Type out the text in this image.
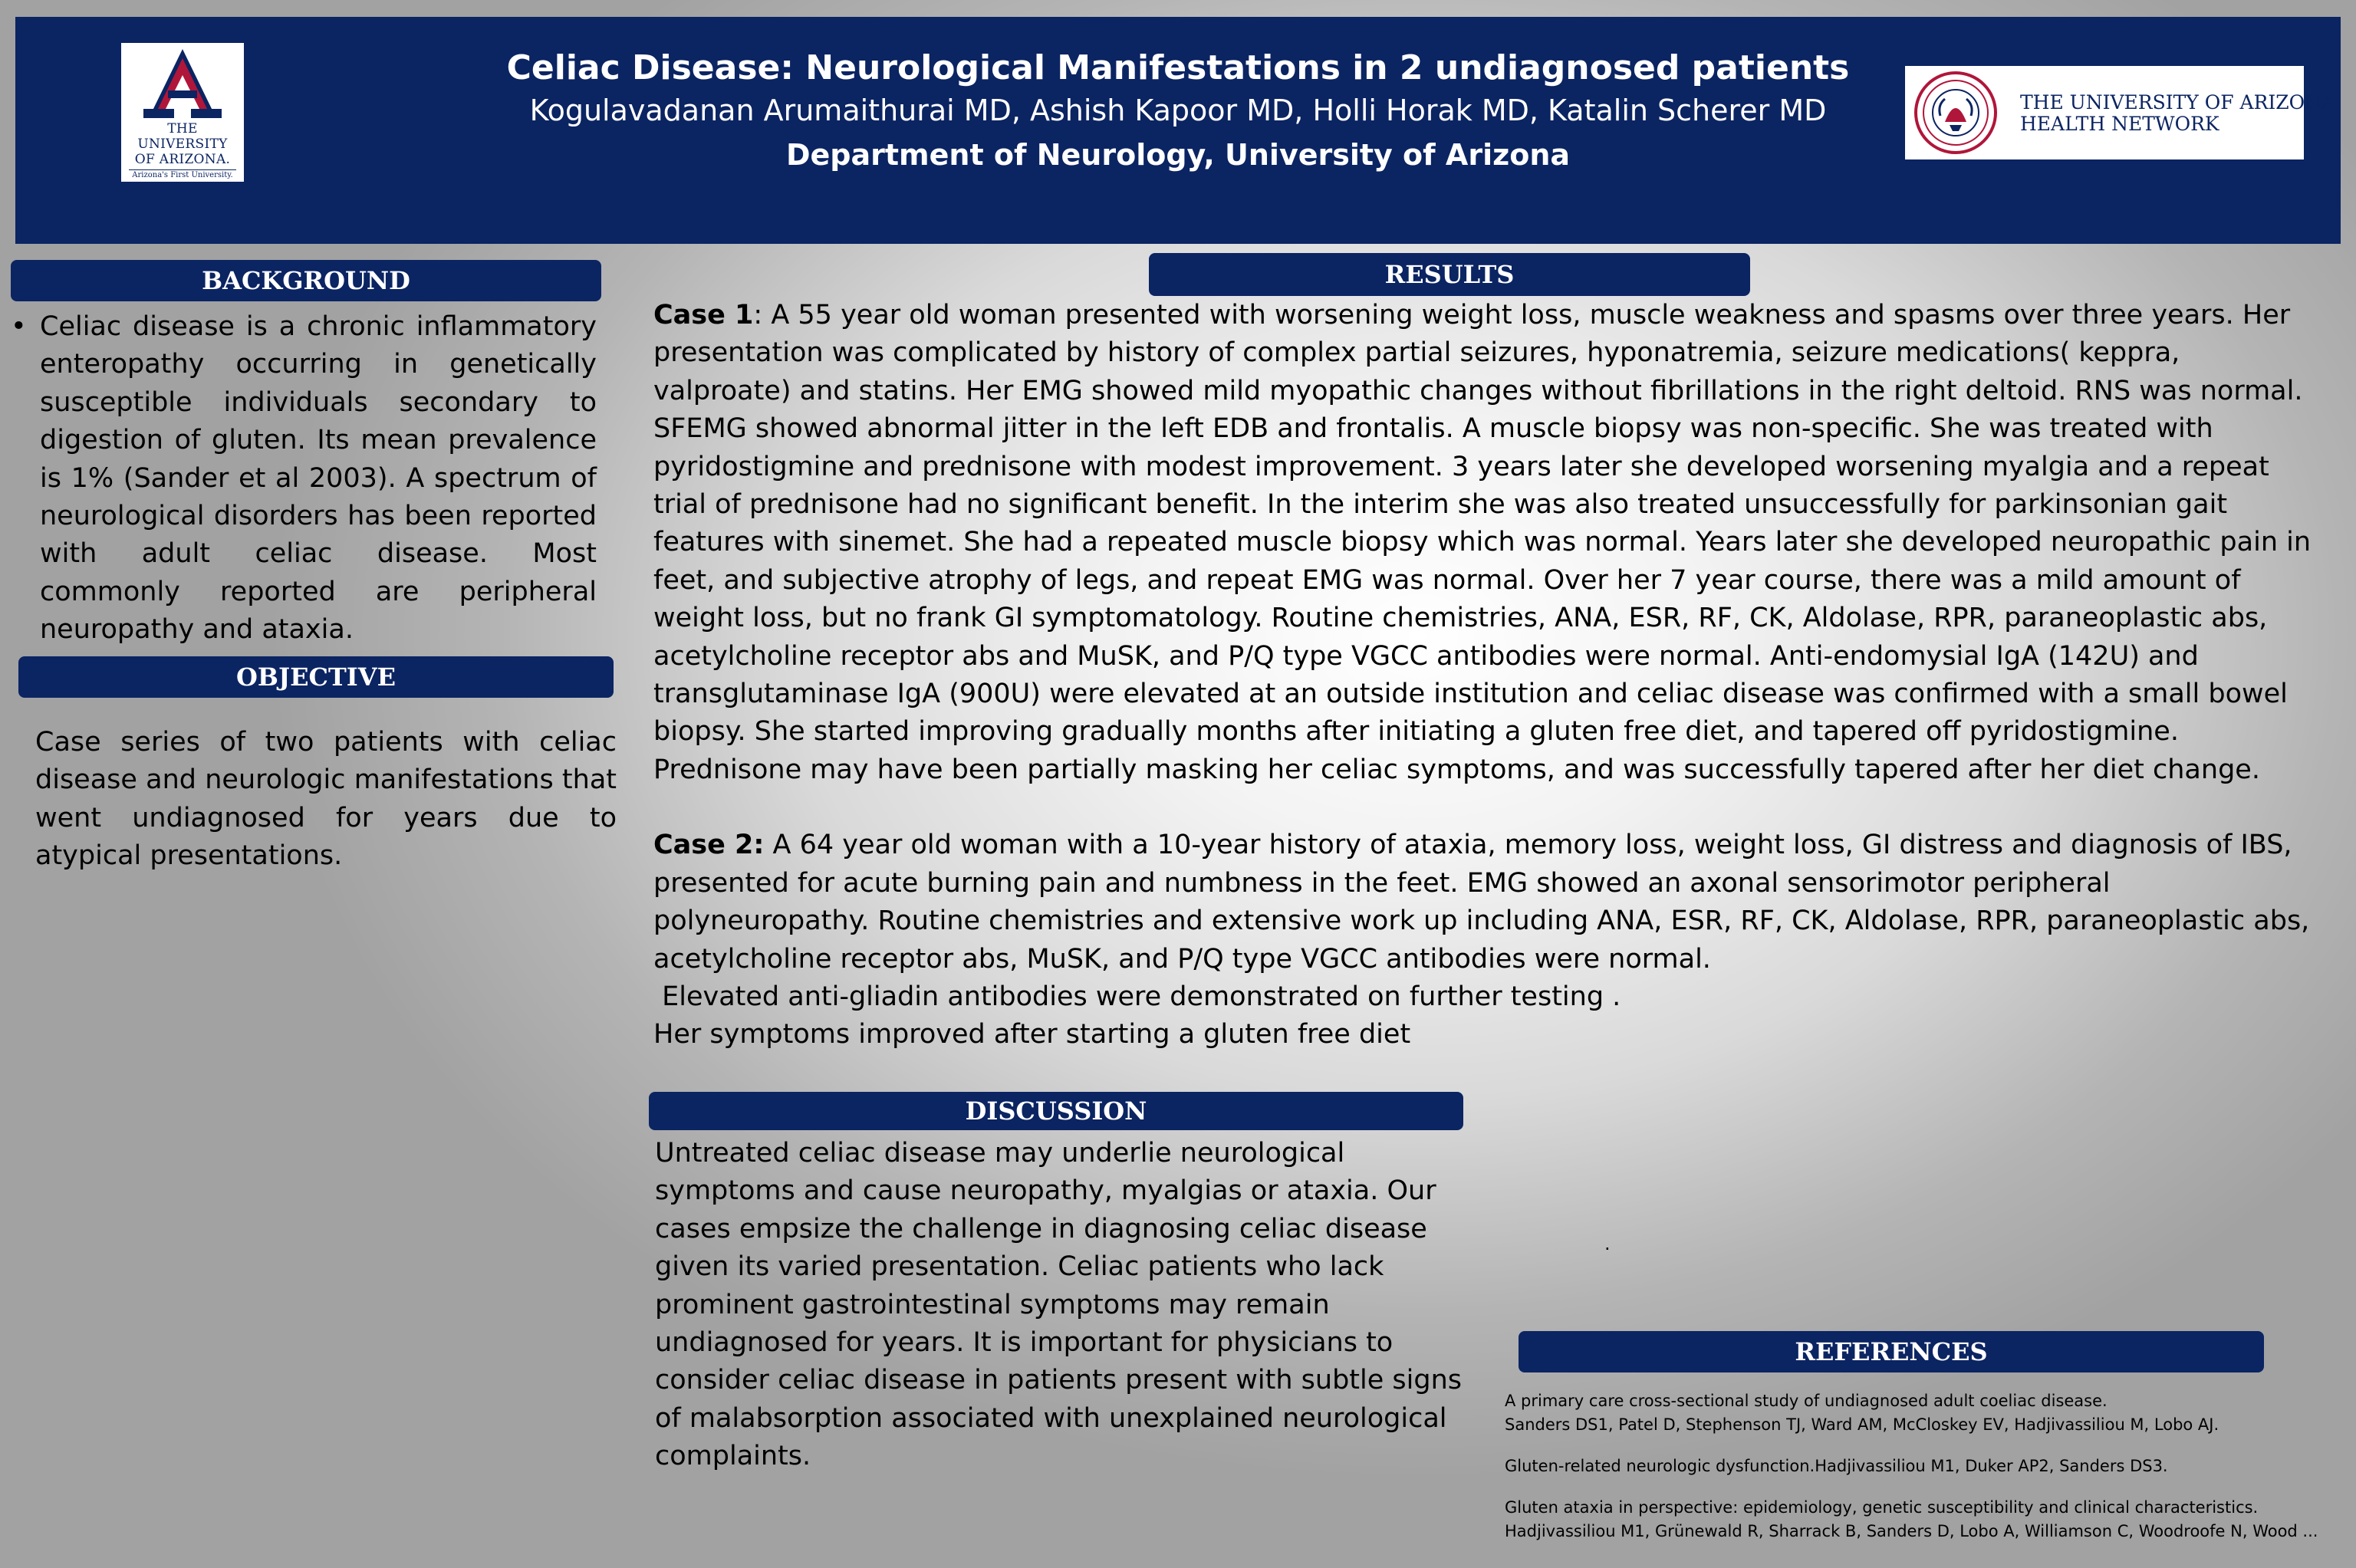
THE UNIVERSITY
OF ARIZONA.
Arizona's First University.
Celiac Disease: Neurological Manifestations in 2 undiagnosed patients
Kogulavadanan Arumaithurai MD, Ashish Kapoor MD, Holli Horak MD, Katalin Scherer MD
Department of Neurology, University of Arizona
THE UNIVERSITY OF ARIZONA
HEALTH NETWORK
BACKGROUND
• Celiac disease is a chronic inflammatory enteropathy occurring in genetically susceptible individuals secondary to digestion of gluten. Its mean prevalence is 1% (Sander et al 2003). A spectrum of neurological disorders has been reported with adult celiac disease. Most commonly reported are peripheral neuropathy and ataxia.
OBJECTIVE
Case series of two patients with celiac disease and neurologic manifestations that went undiagnosed for years due to atypical presentations.
RESULTS

Case 1: A 55 year old woman presented with worsening weight loss, muscle weakness and spasms over three years. Her presentation was complicated by history of complex partial seizures, hyponatremia, seizure medications( keppra, valproate) and statins. Her EMG showed mild myopathic changes without fibrillations in the right deltoid. RNS was normal. SFEMG showed abnormal jitter in the left EDB and frontalis. A muscle biopsy was non-specific. She was treated with pyridostigmine and prednisone with modest improvement. 3 years later she developed worsening myalgia and a repeat trial of prednisone had no significant benefit. In the interim she was also treated unsuccessfully for parkinsonian gait features with sinemet. She had a repeated muscle biopsy which was normal. Years later she developed neuropathic pain in feet, and subjective atrophy of legs, and repeat EMG was normal. Over her 7 year course, there was a mild amount of weight loss, but no frank GI symptomatology. Routine chemistries, ANA, ESR, RF, CK, Aldolase, RPR, paraneoplastic abs, acetylcholine receptor abs and MuSK, and P/Q type VGCC antibodies were normal. Anti-endomysial IgA (142U) and transglutaminase IgA (900U) were elevated at an outside institution and celiac disease was confirmed with a small bowel biopsy. She started improving gradually months after initiating a gluten free diet, and tapered off pyridostigmine. Prednisone may have been partially masking her celiac symptoms, and was successfully tapered after her diet change.

Case 2: A 64 year old woman with a 10-year history of ataxia, memory loss, weight loss, GI distress and diagnosis of IBS, presented for acute burning pain and numbness in the feet. EMG showed an axonal sensorimotor peripheral polyneuropathy. Routine chemistries and extensive work up including ANA, ESR, RF, CK, Aldolase, RPR, paraneoplastic abs, acetylcholine receptor abs, MuSK, and P/Q type VGCC antibodies were normal.

Elevated anti-gliadin antibodies were demonstrated on further testing .

Her symptoms improved after starting a gluten free diet

DISCUSSION
Untreated celiac disease may underlie neurological symptoms and cause neuropathy, myalgias or ataxia. Our cases empsize the challenge in diagnosing celiac disease given its varied presentation. Celiac patients who lack prominent gastrointestinal symptoms may remain undiagnosed for years. It is important for physicians to consider celiac disease in patients present with subtle signs of malabsorption associated with unexplained neurological complaints.
.
REFERENCES

A primary care cross-sectional study of undiagnosed adult coeliac disease.
Sanders DS1, Patel D, Stephenson TJ, Ward AM, McCloskey EV, Hadjivassiliou M, Lobo AJ.

Gluten-related neurologic dysfunction.Hadjivassiliou M1, Duker AP2, Sanders DS3.

Gluten ataxia in perspective: epidemiology, genetic susceptibility and clinical characteristics.
Hadjivassiliou M1, Grünewald R, Sharrack B, Sanders D, Lobo A, Williamson C, Woodroofe N, Wood ...
